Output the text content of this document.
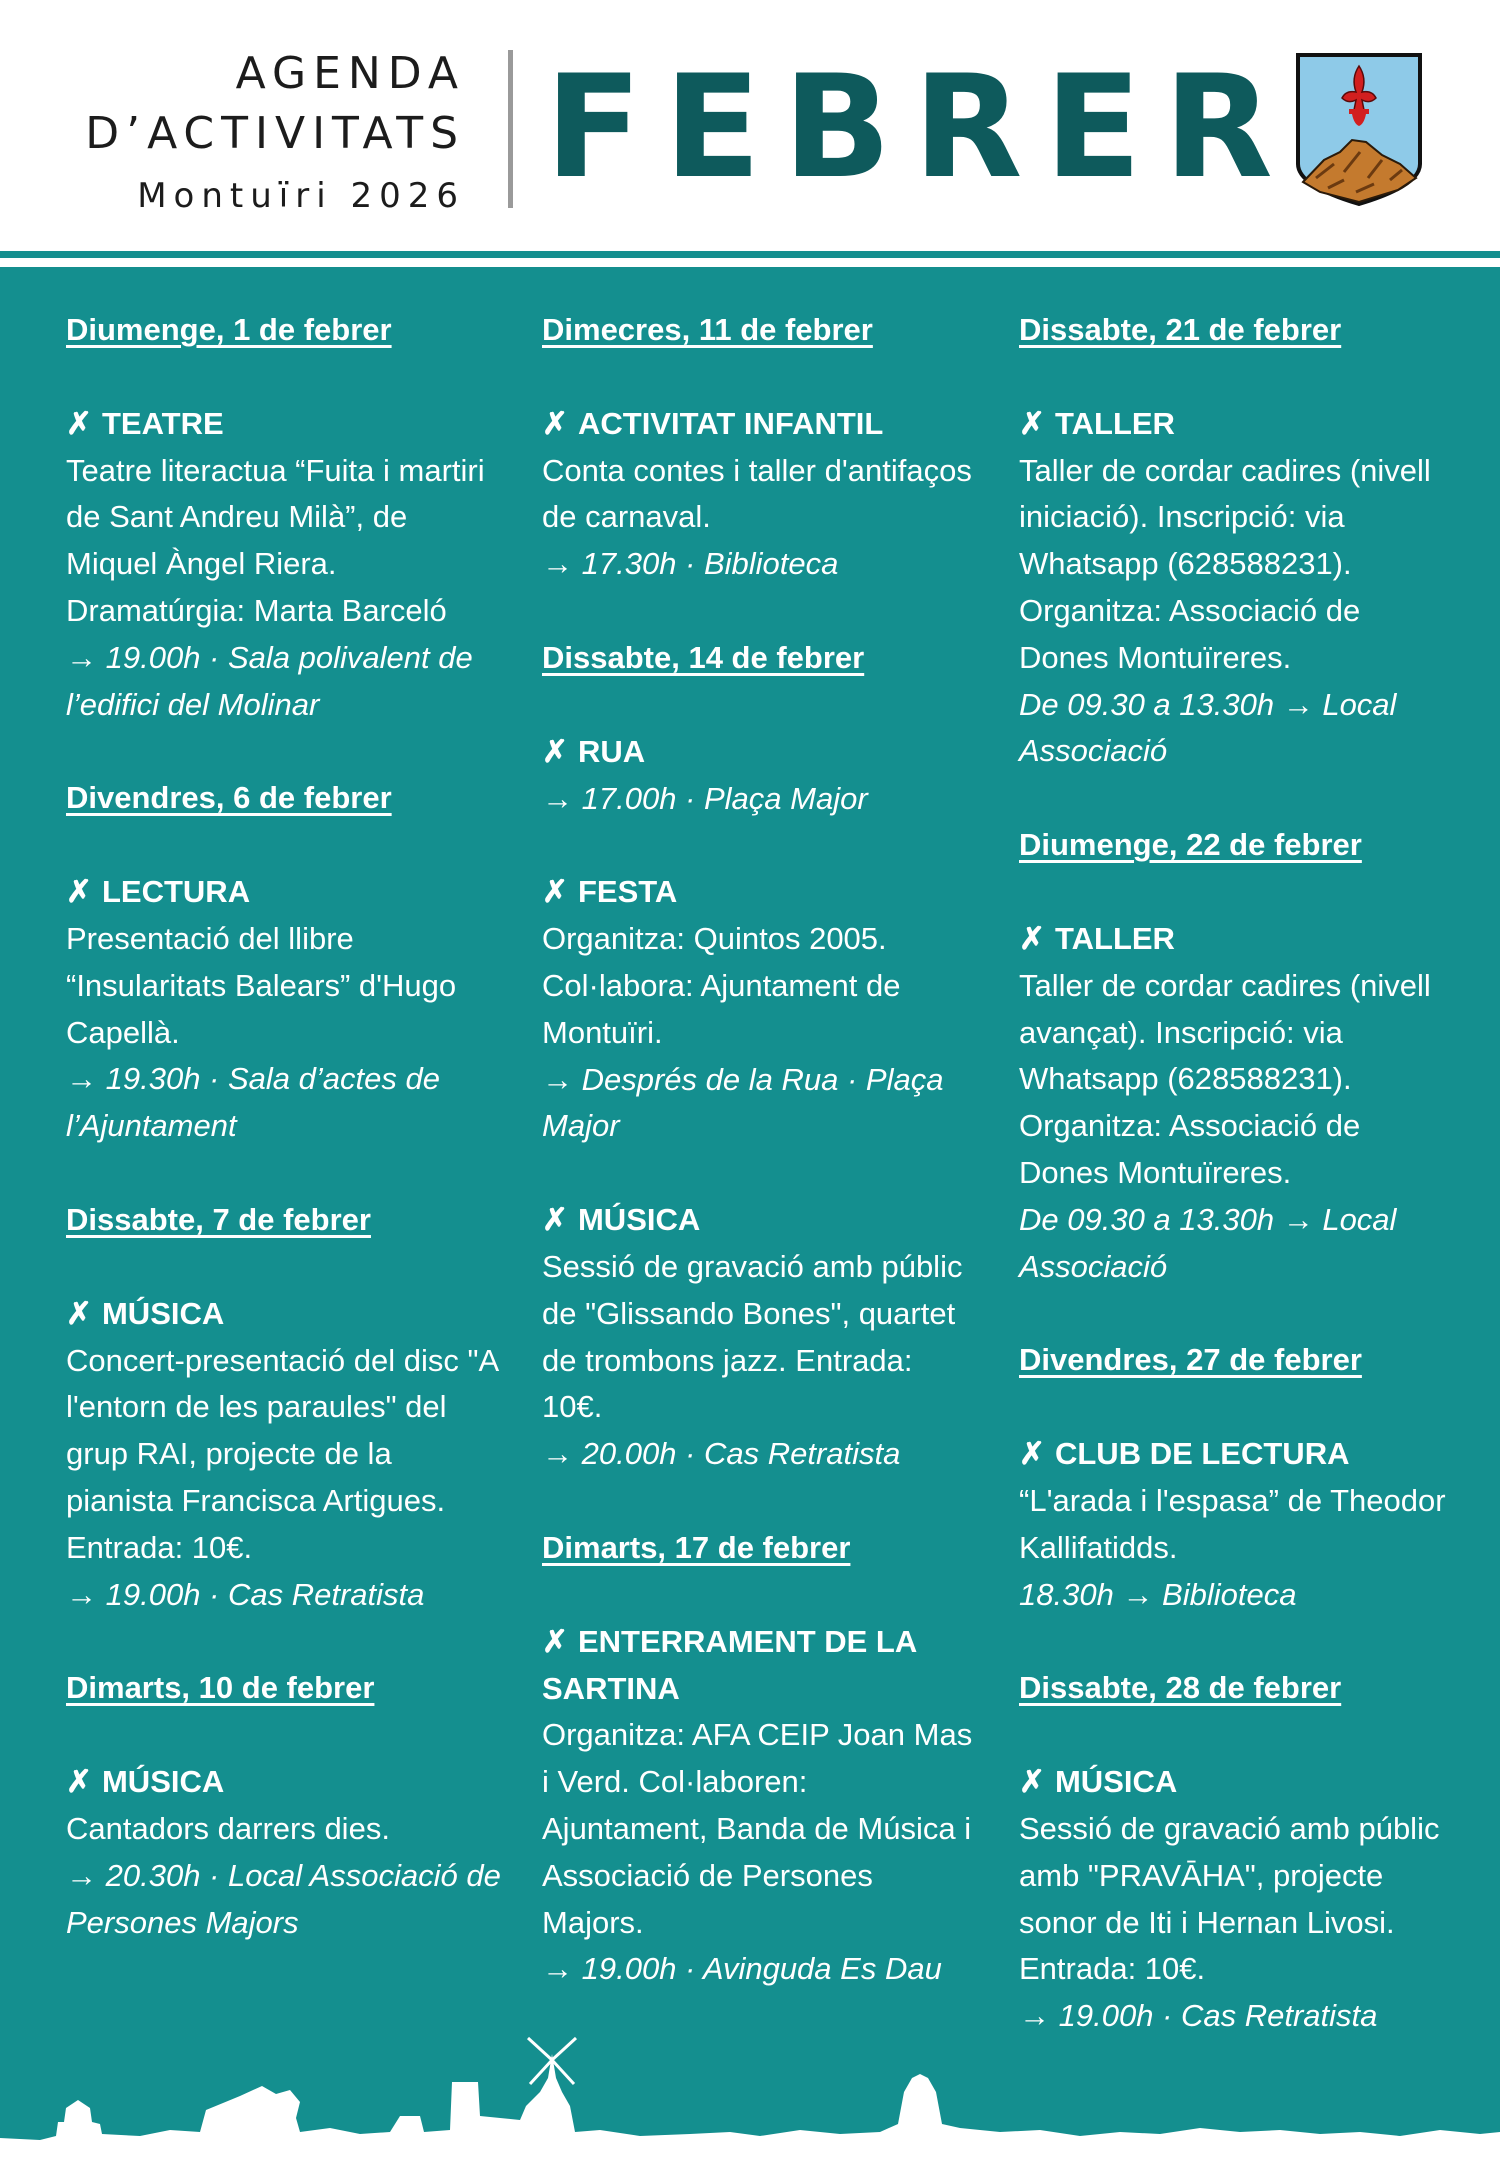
AGENDA
D’ACTIVITATS
Montuïri 2026 FEBRER
Diumenge, 1 de febrer
✗ TEATRE
Teatre literactua “Fuita i martiri de Sant Andreu Milà”, de Miquel Àngel Riera. Dramatúrgia: Marta Barceló
→ 19.00h · Sala polivalent de l’edifici del Molinar
Divendres, 6 de febrer
✗ LECTURA
Presentació del llibre “Insularitats Balears” d'Hugo Capellà.
→ 19.30h · Sala d’actes de l’Ajuntament
Dissabte, 7 de febrer
✗ MÚSICA
Concert-presentació del disc "A l'entorn de les paraules" del grup RAI, projecte de la pianista Francisca Artigues. Entrada: 10€.
→ 19.00h · Cas Retratista
Dimarts, 10 de febrer
✗ MÚSICA
Cantadors darrers dies.
→ 20.30h · Local Associació de Persones Majors
Dimecres, 11 de febrer
✗ ACTIVITAT INFANTIL
Conta contes i taller d'antifaços de carnaval.
→ 17.30h · Biblioteca
Dissabte, 14 de febrer
✗ RUA
→ 17.00h · Plaça Major
✗ FESTA
Organitza: Quintos 2005. Col·labora: Ajuntament de Montuïri.
→ Després de la Rua · Plaça Major
✗ MÚSICA
Sessió de gravació amb públic de "Glissando Bones", quartet de trombons jazz. Entrada: 10€.
→ 20.00h · Cas Retratista
Dimarts, 17 de febrer
✗ ENTERRAMENT DE LA SARTINA
Organitza: AFA CEIP Joan Mas i Verd. Col·laboren: Ajuntament, Banda de Música i Associació de Persones Majors.
→ 19.00h · Avinguda Es Dau
Dissabte, 21 de febrer
✗ TALLER
Taller de cordar cadires (nivell iniciació). Inscripció: via Whatsapp (628588231). Organitza: Associació de Dones Montuïreres.
De 09.30 a 13.30h → Local Associació
Diumenge, 22 de febrer
✗ TALLER
Taller de cordar cadires (nivell avançat). Inscripció: via Whatsapp (628588231). Organitza: Associació de Dones Montuïreres.
De 09.30 a 13.30h → Local Associació
Divendres, 27 de febrer
✗ CLUB DE LECTURA
“L'arada i l'espasa” de Theodor Kallifatidds.
18.30h → Biblioteca
Dissabte, 28 de febrer
✗ MÚSICA
Sessió de gravació amb públic amb "PRAVĀHA", projecte sonor de Iti i Hernan Livosi. Entrada: 10€.
→ 19.00h · Cas Retratista
